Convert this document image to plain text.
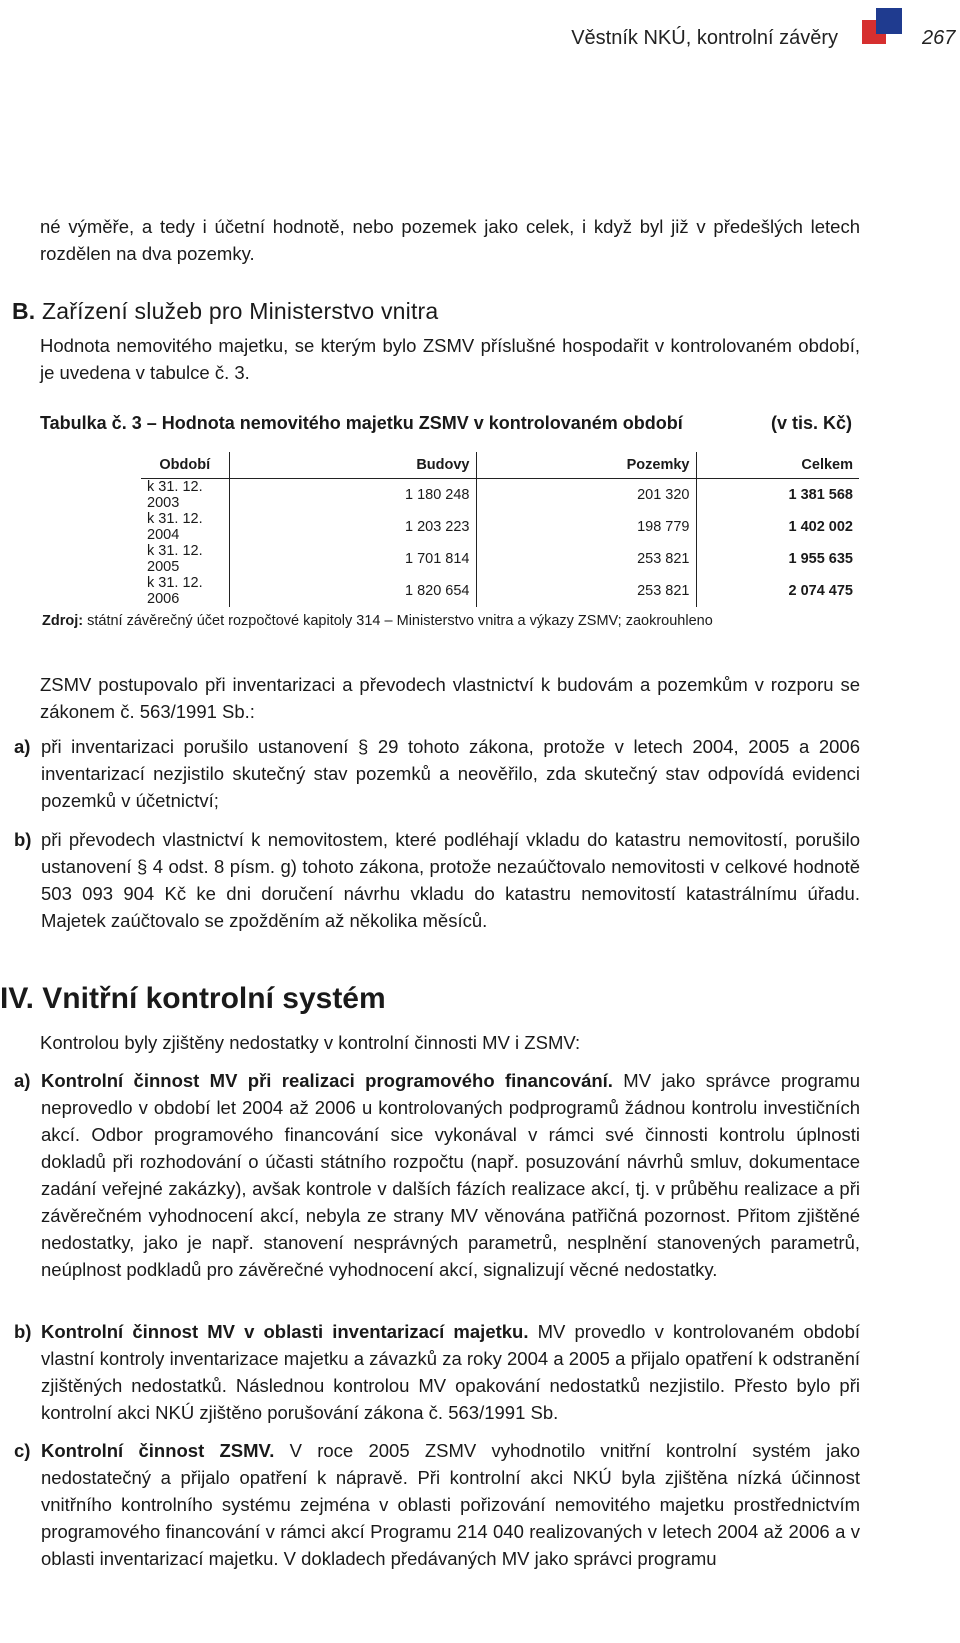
Věstník NKÚ, kontrolní závěry	267

né výměře, a tedy i účetní hodnotě, nebo pozemek jako celek, i když byl již v předešlých letech rozdělen na dva pozemky.

B. Zařízení služeb pro Ministerstvo vnitra

Hodnota nemovitého majetku, se kterým bylo ZSMV příslušné hospodařit v kontrolovaném období, je uvedena v tabulce č. 3.

Tabulka č. 3 – Hodnota nemovitého majetku ZSMV v kontrolovaném období	(v tis. Kč)
Období	Budovy	Pozemky	Celkem
k 31. 12. 2003	1 180 248	201 320	1 381 568
k 31. 12. 2004	1 203 223	198 779	1 402 002
k 31. 12. 2005	1 701 814	253 821	1 955 635
k 31. 12. 2006	1 820 654	253 821	2 074 475
Zdroj: státní závěrečný účet rozpočtové kapitoly 314 – Ministerstvo vnitra a výkazy ZSMV; zaokrouhleno

ZSMV postupovalo při inventarizaci a převodech vlastnictví k budovám a pozemkům v rozporu se zákonem č. 563/1991 Sb.:

a) při inventarizaci porušilo ustanovení § 29 tohoto zákona, protože v letech 2004, 2005 a 2006 inventarizací nezjistilo skutečný stav pozemků a neověřilo, zda skutečný stav odpovídá evidenci pozemků v účetnictví;
b) při převodech vlastnictví k nemovitostem, které podléhají vkladu do katastru nemovitostí, porušilo ustanovení § 4 odst. 8 písm. g) tohoto zákona, protože nezaúčtovalo nemovitosti v celkové hodnotě 503 093 904 Kč ke dni doručení návrhu vkladu do katastru nemovitostí katastrálnímu úřadu. Majetek zaúčtovalo se zpožděním až několika měsíců.
IV. Vnitřní kontrolní systém

Kontrolou byly zjištěny nedostatky v kontrolní činnosti MV i ZSMV:

a) Kontrolní činnost MV při realizaci programového financování. MV jako správce programu neprovedlo v období let 2004 až 2006 u kontrolovaných podprogramů žádnou kontrolu investičních akcí. Odbor programového financování sice vykonával v rámci své činnosti kontrolu úplnosti dokladů při rozhodování o účasti státního rozpočtu (např. posuzování návrhů smluv, dokumentace zadání veřejné zakázky), avšak kontrole v dalších fázích realizace akcí, tj. v průběhu realizace a při závěrečném vyhodnocení akcí, nebyla ze strany MV věnována patřičná pozornost. Přitom zjištěné nedostatky, jako je např. stanovení nesprávných parametrů, nesplnění stanovených parametrů, neúplnost podkladů pro závěrečné vyhodnocení akcí, signalizují věcné nedostatky.
b) Kontrolní činnost MV v oblasti inventarizací majetku. MV provedlo v kontrolovaném období vlastní kontroly inventarizace majetku a závazků za roky 2004 a 2005 a přijalo opatření k odstranění zjištěných nedostatků. Následnou kontrolou MV opakování nedostatků nezjistilo. Přesto bylo při kontrolní akci NKÚ zjištěno porušování zákona č. 563/1991 Sb.
c) Kontrolní činnost ZSMV. V roce 2005 ZSMV vyhodnotilo vnitřní kontrolní systém jako nedostatečný a přijalo opatření k nápravě. Při kontrolní akci NKÚ byla zjištěna nízká účinnost vnitřního kontrolního systému zejména v oblasti pořizování nemovitého majetku prostřednictvím programového financování v rámci akcí Programu 214 040 realizovaných v letech 2004 až 2006 a v oblasti inventarizací majetku. V dokladech předávaných MV jako správci programu
